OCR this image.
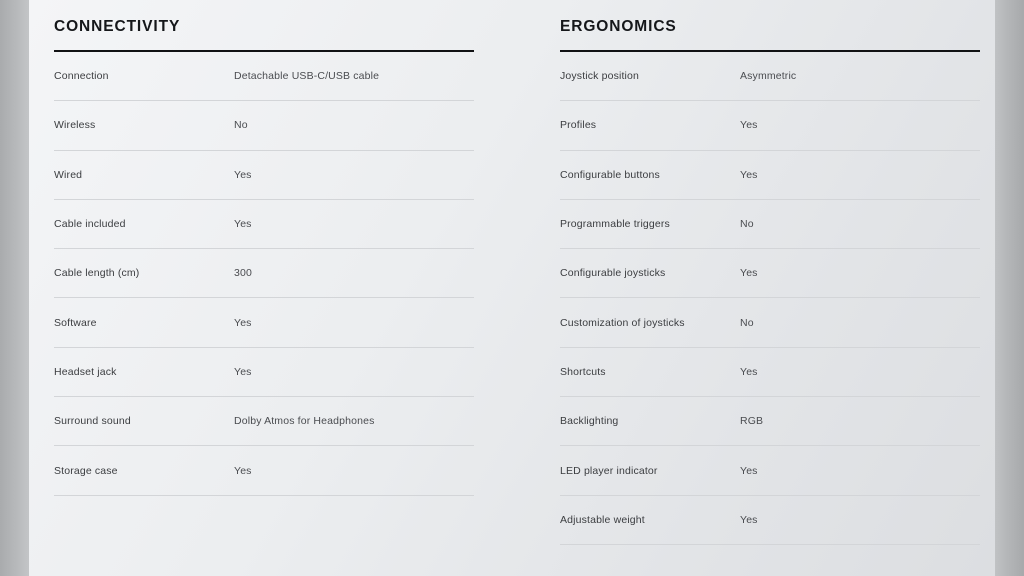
CONNECTIVITY
Connection	Detachable USB-C/USB cable
Wireless	No
Wired	Yes
Cable included	Yes
Cable length (cm)	300
Software	Yes
Headset jack	Yes
Surround sound	Dolby Atmos for Headphones
Storage case	Yes
ERGONOMICS
Joystick position	Asymmetric
Profiles	Yes
Configurable buttons	Yes
Programmable triggers	No
Configurable joysticks	Yes
Customization of joysticks	No
Shortcuts	Yes
Backlighting	RGB
LED player indicator	Yes
Adjustable weight	Yes
